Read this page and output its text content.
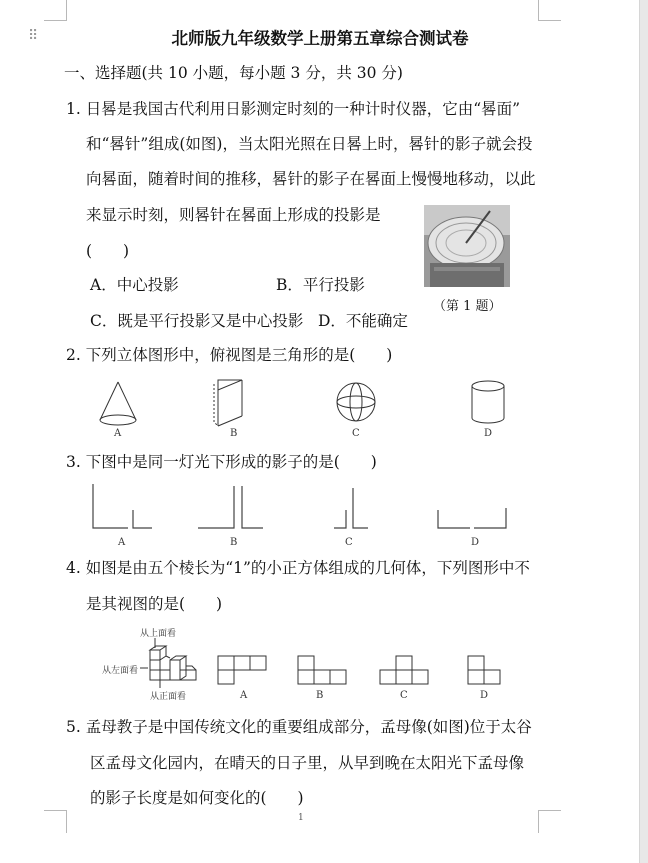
⠿	北师版九年级数学上册第五章综合测试卷
一、选择题(共 10 小题，每小题 3 分，共 30 分)
1. 日晷是我国古代利用日影测定时刻的一种计时仪器，它由“晷面”
和“晷针”组成(如图)，当太阳光照在日晷上时，晷针的影子就会投
向晷面，随着时间的推移，晷针的影子在晷面上慢慢地移动，以此
来显示时刻，则晷针在晷面上形成的投影是
(　　)
A．中心投影	B．平行投影
C．既是平行投影又是中心投影 D．不能确定
（第 1 题）
2. 下列立体图形中，俯视图是三角形的是(　　)
A	B	C	D
3. 下图中是同一灯光下形成的影子的是(　　)
A	B	C	D
4. 如图是由五个棱长为“1”的小正方体组成的几何体，下列图形中不
是其视图的是(　　)
从上面看
从左面看
从正面看	A	B	C	D
5. 孟母教子是中国传统文化的重要组成部分，孟母像(如图)位于太谷
区孟母文化园内，在晴天的日子里，从早到晚在太阳光下孟母像
的影子长度是如何变化的(　　)
1
